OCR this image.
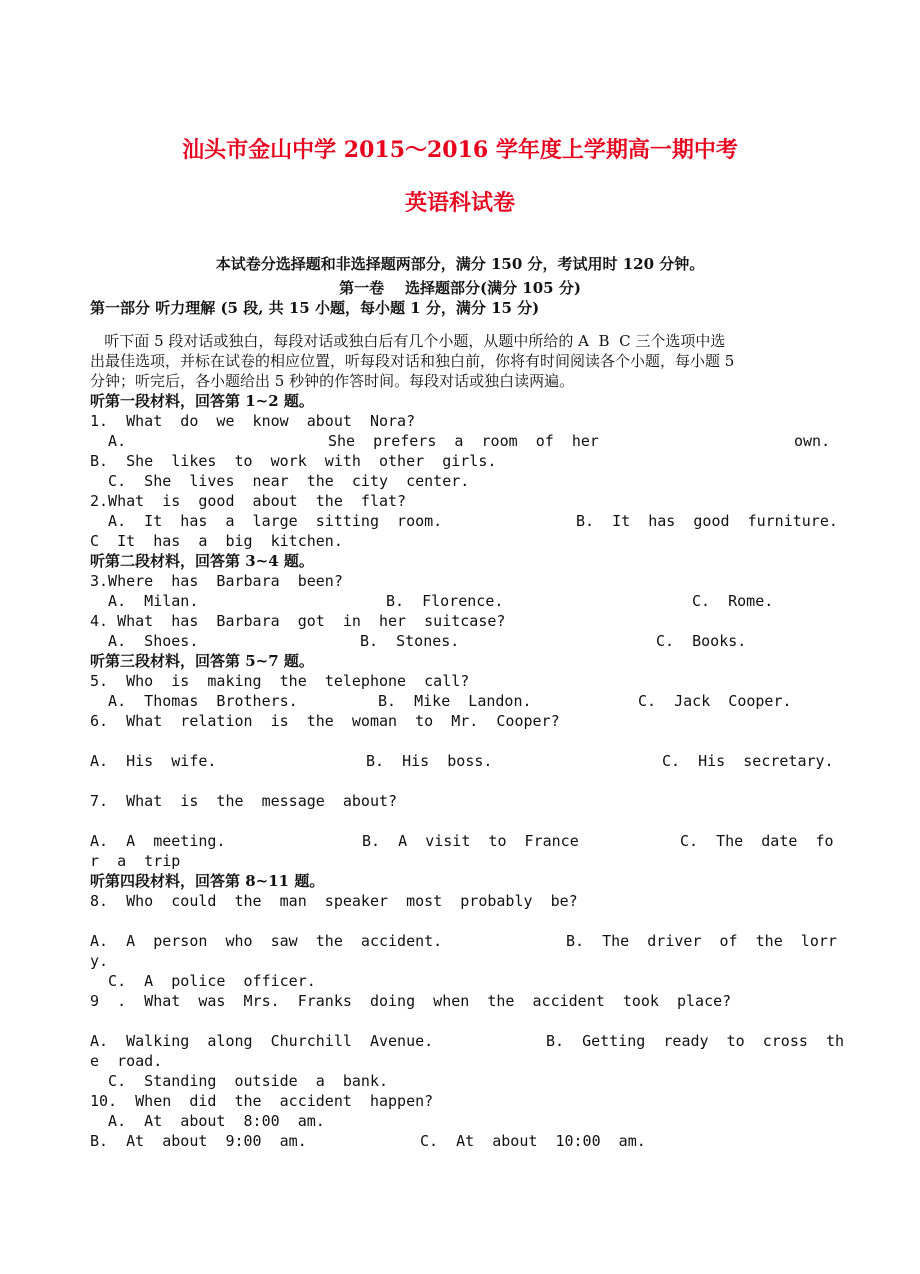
汕头市金山中学 2015～2016 学年度上学期高一期中考
英语科试卷
本试卷分选择题和非选择题两部分，满分 150 分，考试用时 120 分钟。
第一卷    选择题部分(满分 105 分)
第一部分 听力理解 (5 段, 共 15 小题，每小题 1 分，满分 15 分)
听下面 5 段对话或独白，每段对话或独白后有几个小题，从题中所给的 A  B  C 三个选项中选
出最佳选项，并标在试卷的相应位置，听每段对话和独白前，你将有时间阅读各个小题，每小题 5
分钟；听完后，各小题给出 5 秒钟的作答时间。每段对话或独白读两遍。
听第一段材料，回答第 1~2 题。
1.  What  do  we  know  about  Nora?

A.

	She  prefers  a  room  of  her

	own.

B.  She  likes  to  work  with  other  girls.
C.  She  lives  near  the  city  center.
2.What  is  good  about  the  flat?

A.  It  has  a  large  sitting  room.

	B.  It  has  good  furniture.

C  It  has  a  big  kitchen.
听第二段材料，回答第 3~4 题。
3.Where  has  Barbara  been?

A.  Milan.

	B.  Florence.

	C.  Rome.

4. What  has  Barbara  got  in  her  suitcase?

A.  Shoes.

	B.  Stones.

	C.  Books.

听第三段材料，回答第 5~7 题。
5.  Who  is  making  the  telephone  call?

A.  Thomas  Brothers.

	B.  Mike  Landon.

	C.  Jack  Cooper.

6.  What  relation  is  the  woman  to  Mr.  Cooper?

A.  His  wife.

	B.  His  boss.

	C.  His  secretary.

7.  What  is  the  message  about?

A.  A  meeting.

	B.  A  visit  to  France

	C.  The  date  fo

r  a  trip
听第四段材料，回答第 8~11 题。
8.  Who  could  the  man  speaker  most  probably  be?

A.  A  person  who  saw  the  accident.

	B.  The  driver  of  the  lorr

y.
C.  A  police  officer.
9  .  What  was  Mrs.  Franks  doing  when  the  accident  took  place?

A.  Walking  along  Churchill  Avenue.

	B.  Getting  ready  to  cross  th

e  road.
C.  Standing  outside  a  bank.
10.  When  did  the  accident  happen?
A.  At  about  8:00  am.

B.  At  about  9:00  am.

	C.  At  about  10:00  am.
